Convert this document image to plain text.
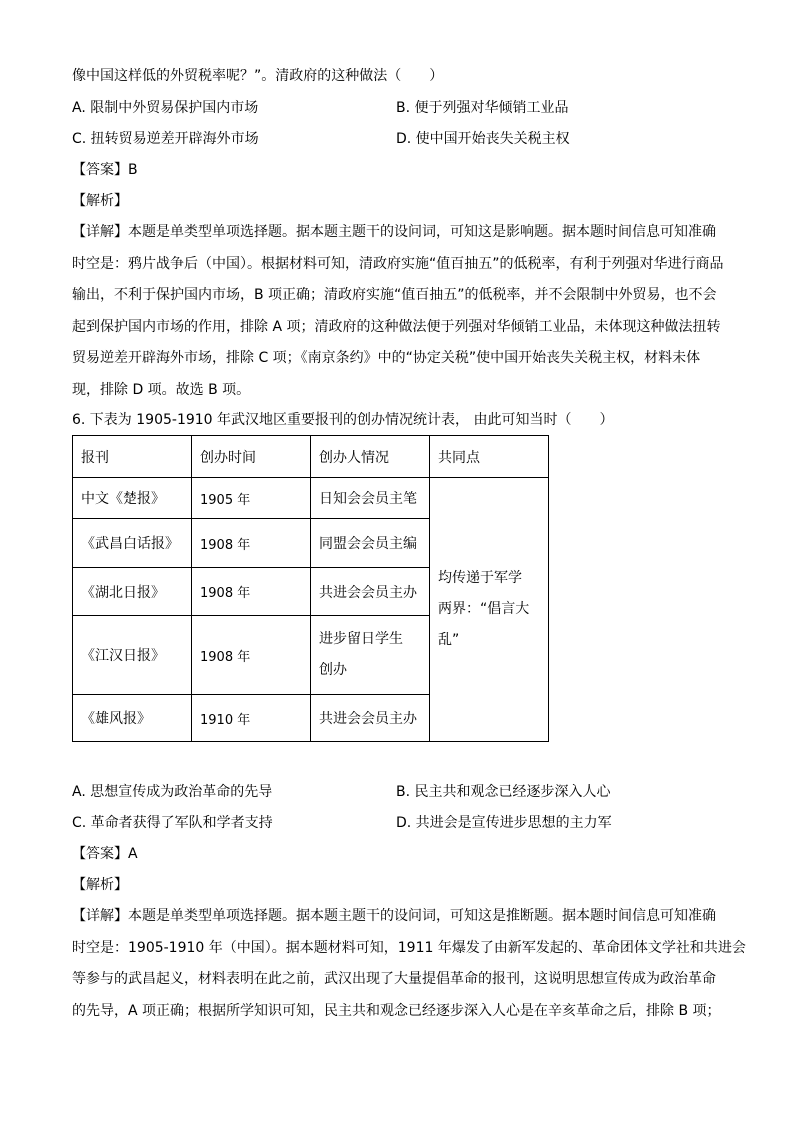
像中国这样低的外贸税率呢？”。清政府的这种做法（　　）
A. 限制中外贸易保护国内市场	B. 便于列强对华倾销工业品
C. 扭转贸易逆差开辟海外市场	D. 使中国开始丧失关税主权
【答案】B
【解析】
【详解】本题是单类型单项选择题。据本题主题干的设问词，可知这是影响题。据本题时间信息可知准确
时空是：鸦片战争后（中国）。根据材料可知，清政府实施“值百抽五”的低税率，有利于列强对华进行商品
输出，不利于保护国内市场，B 项正确；清政府实施“值百抽五”的低税率，并不会限制中外贸易，也不会
起到保护国内市场的作用，排除 A 项；清政府的这种做法便于列强对华倾销工业品，未体现这种做法扭转
贸易逆差开辟海外市场，排除 C 项；《南京条约》中的“协定关税”使中国开始丧失关税主权，材料未体
现，排除 D 项。故选 B 项。
6. 下表为 1905-1910 年武汉地区重要报刊的创办情况统计表， 由此可知当时（　　）
报刊	创办时间	创办人情况	共同点
中文《楚报》	1905 年	日知会会员主笔	均传递于军学两界：“倡言大乱”

《武昌白话报》	1908 年	同盟会会员主编	
《湖北日报》	1908 年	共进会会员主办	
《江汉日报》	1908 年	进步留日学生创办	

《雄风报》	1910 年	共进会会员主办	
A. 思想宣传成为政治革命的先导	B. 民主共和观念已经逐步深入人心
C. 革命者获得了军队和学者支持	D. 共进会是宣传进步思想的主力军
【答案】A
【解析】
【详解】本题是单类型单项选择题。据本题主题干的设问词，可知这是推断题。据本题时间信息可知准确
时空是：1905-1910 年（中国）。据本题材料可知，1911 年爆发了由新军发起的、革命团体文学社和共进会
等参与的武昌起义，材料表明在此之前，武汉出现了大量提倡革命的报刊，这说明思想宣传成为政治革命
的先导，A 项正确；根据所学知识可知，民主共和观念已经逐步深入人心是在辛亥革命之后，排除 B 项；
